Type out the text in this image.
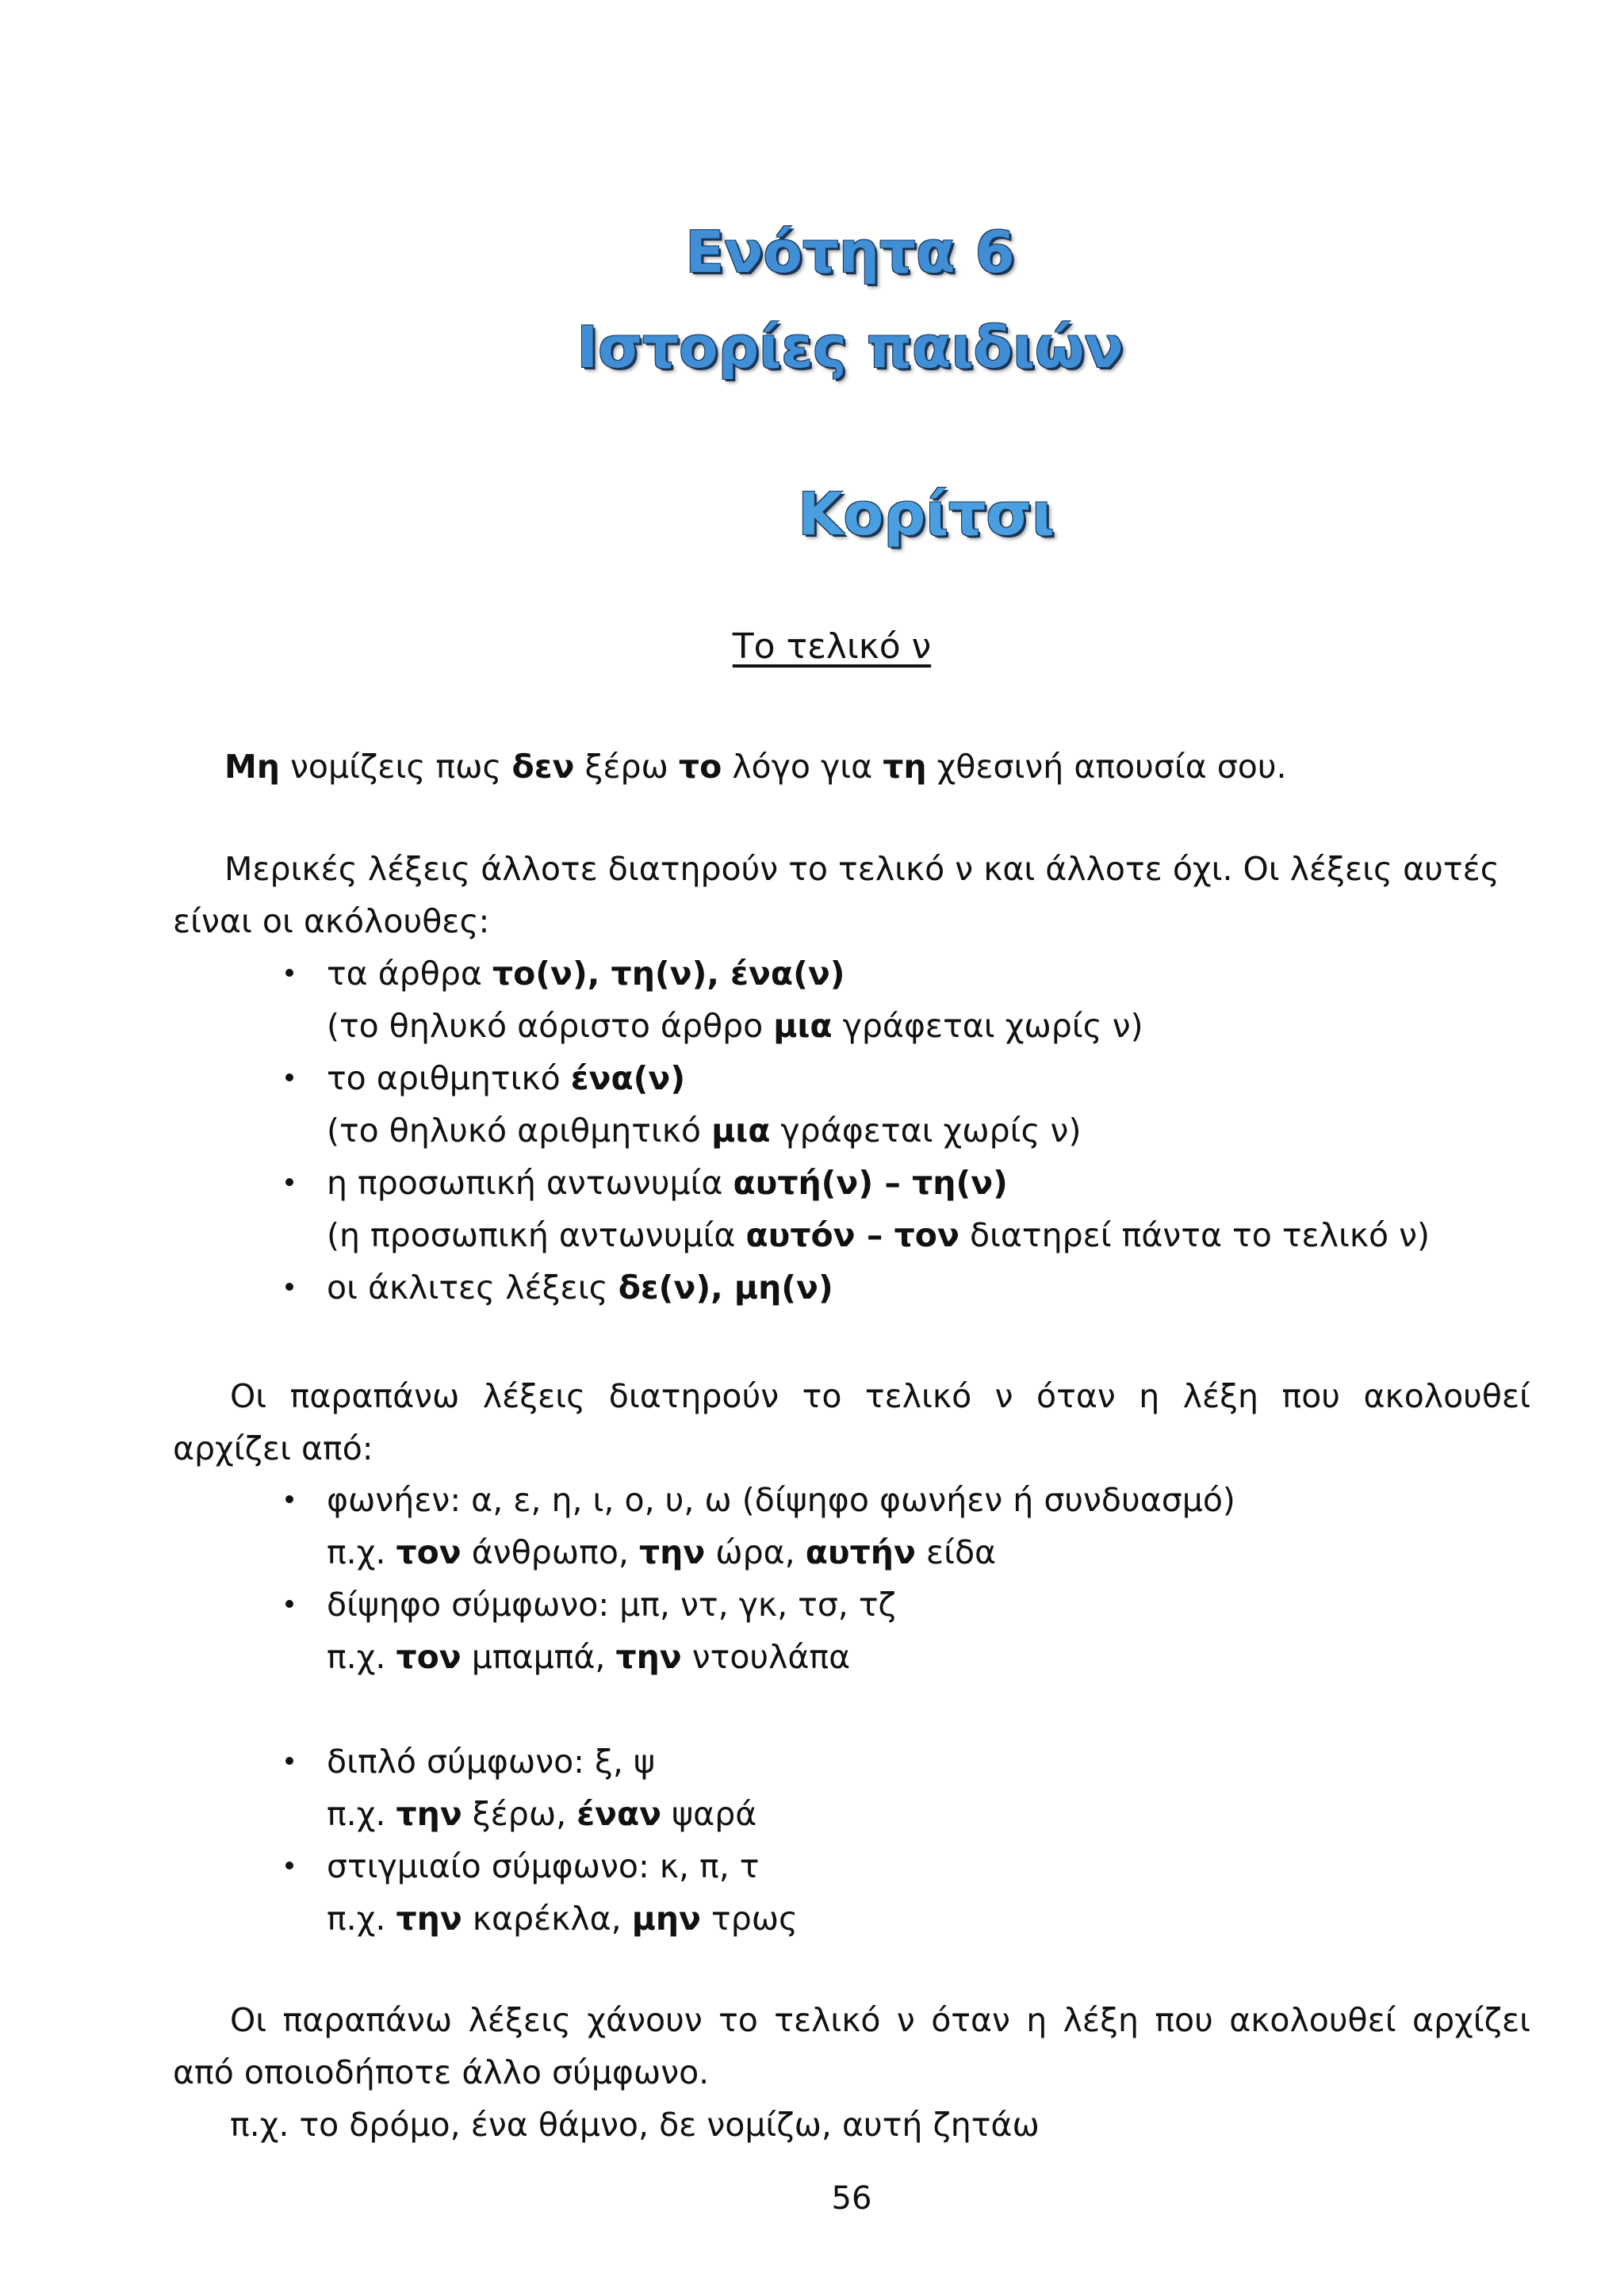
Ενότητα 6
Ιστορίες παιδιών
Κορίτσι
Το τελικό ν
Μη νομίζεις πως δεν ξέρω το λόγο για τη χθεσινή απουσία σου.
Μερικές λέξεις άλλοτε διατηρούν το τελικό ν και άλλοτε όχι. Οι λέξεις αυτές
είναι οι ακόλουθες:
τα άρθρα το(ν), τη(ν), ένα(ν)
(το θηλυκό αόριστο άρθρο μια γράφεται χωρίς ν)
το αριθμητικό ένα(ν)
(το θηλυκό αριθμητικό μια γράφεται χωρίς ν)
η προσωπική αντωνυμία αυτή(ν) – τη(ν)
(η προσωπική αντωνυμία αυτόν – τον διατηρεί πάντα το τελικό ν)
οι άκλιτες λέξεις δε(ν), μη(ν)
Οι παραπάνω λέξεις διατηρούν το τελικό ν όταν η λέξη που ακολουθεί
αρχίζει από:
φωνήεν: α, ε, η, ι, ο, υ, ω (δίψηφο φωνήεν ή συνδυασμό)
π.χ. τον άνθρωπο, την ώρα, αυτήν είδα
δίψηφο σύμφωνο: μπ, ντ, γκ, τσ, τζ
π.χ. τον μπαμπά, την ντουλάπα
διπλό σύμφωνο: ξ, ψ
π.χ. την ξέρω, έναν ψαρά
στιγμιαίο σύμφωνο: κ, π, τ
π.χ. την καρέκλα, μην τρως
Οι παραπάνω λέξεις χάνουν το τελικό ν όταν η λέξη που ακολουθεί αρχίζει
από οποιοδήποτε άλλο σύμφωνο.
π.χ. το δρόμο, ένα θάμνο, δε νομίζω, αυτή ζητάω
56
